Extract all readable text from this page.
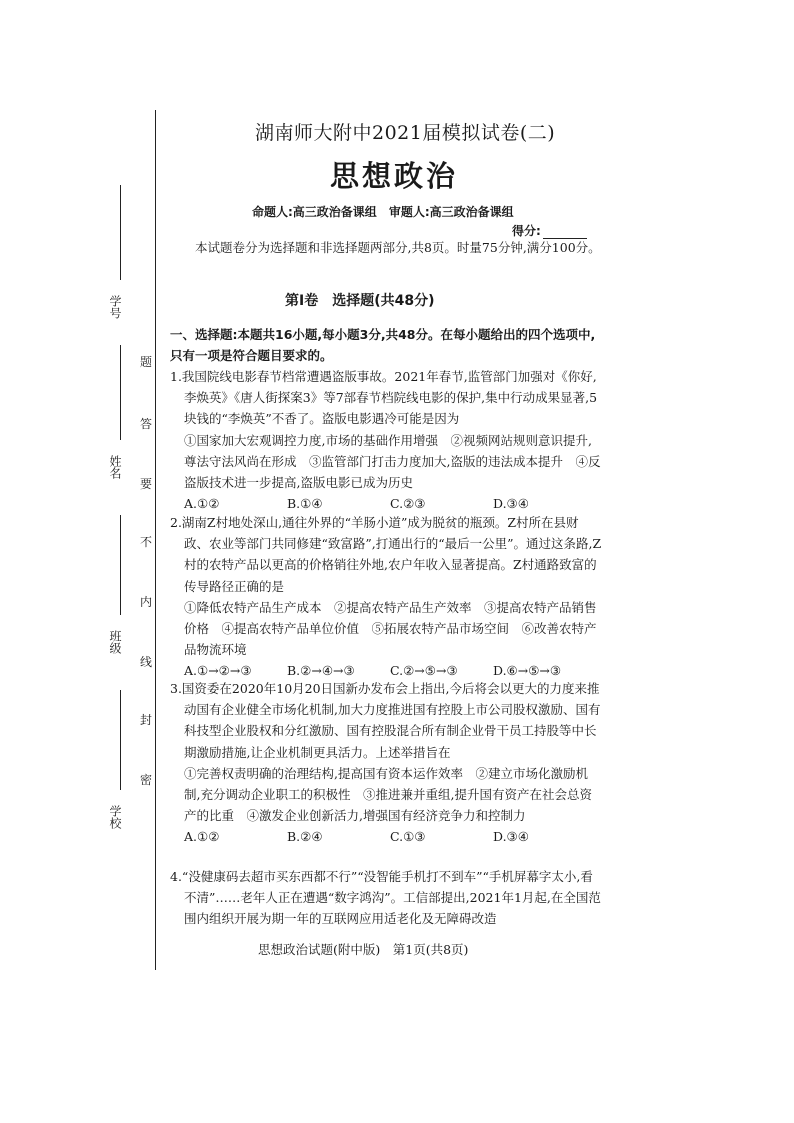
题
答
要
不
内
线
封
密
学号
姓名
班级
学校
湖南师大附中2021届模拟试卷(二)
思想政治
命题人:高三政治备课组 审题人:高三政治备课组
得分:
本试题卷分为选择题和非选择题两部分,共8页。时量75分钟,满分100分。
第Ⅰ卷　选择题(共48分)
一、选择题:本题共16小题,每小题3分,共48分。在每小题给出的四个选项中,只有一项是符合题目要求的。

1.我国院线电影春节档常遭遇盗版事故。2021年春节,监管部门加强对《你好,李焕英》《唐人街探案3》等7部春节档院线电影的保护,集中行动成果显著,5块钱的“李焕英”不香了。盗版电影遇冷可能是因为

①国家加大宏观调控力度,市场的基础作用增强　②视频网站规则意识提升,尊法守法风尚在形成　③监管部门打击力度加大,盗版的违法成本提升　④反盗版技术进一步提高,盗版电影已成为历史

A.①②	B.①④	C.②③	D.③④

2.湖南Z村地处深山,通往外界的“羊肠小道”成为脱贫的瓶颈。Z村所在县财政、农业等部门共同修建“致富路”,打通出行的“最后一公里”。通过这条路,Z村的农特产品以更高的价格销往外地,农户年收入显著提高。Z村通路致富的传导路径正确的是

①降低农特产品生产成本　②提高农特产品生产效率　③提高农特产品销售价格　④提高农特产品单位价值　⑤拓展农特产品市场空间　⑥改善农特产品物流环境

A.①→②→③	B.②→④→③	C.②→⑤→③	D.⑥→⑤→③

3.国资委在2020年10月20日国新办发布会上指出,今后将会以更大的力度来推动国有企业健全市场化机制,加大力度推进国有控股上市公司股权激励、国有科技型企业股权和分红激励、国有控股混合所有制企业骨干员工持股等中长期激励措施,让企业机制更具活力。上述举措旨在

①完善权责明确的治理结构,提高国有资本运作效率　②建立市场化激励机制,充分调动企业职工的积极性　③推进兼并重组,提升国有资产在社会总资产的比重　④激发企业创新活力,增强国有经济竞争力和控制力

A.①②	B.②④	C.①③	D.③④

4.“没健康码去超市买东西都不行”“没智能手机打不到车”“手机屏幕字太小,看不清”……老年人正在遭遇“数字鸿沟”。工信部提出,2021年1月起,在全国范围内组织开展为期一年的互联网应用适老化及无障碍改造

思想政治试题(附中版)　第1页(共8页)
